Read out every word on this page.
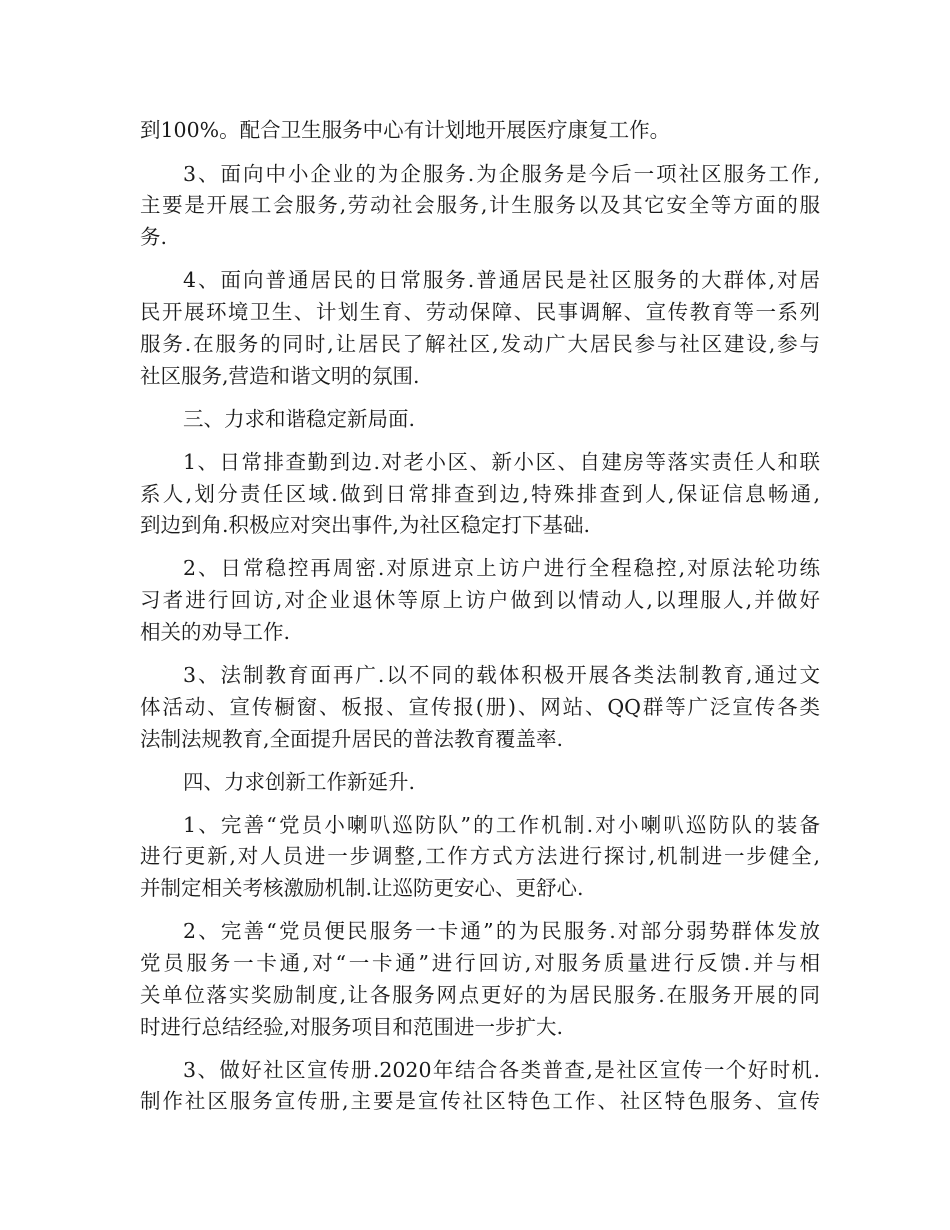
到100%。配合卫生服务中心有计划地开展医疗康复工作。
3、面向中小企业的为企服务.为企服务是今后一项社区服务工作,
主要是开展工会服务,劳动社会服务,计生服务以及其它安全等方面的服
务.
4、面向普通居民的日常服务.普通居民是社区服务的大群体,对居
民开展环境卫生、计划生育、劳动保障、民事调解、宣传教育等一系列
服务.在服务的同时,让居民了解社区,发动广大居民参与社区建设,参与
社区服务,营造和谐文明的氛围.
三、力求和谐稳定新局面.
1、日常排查勤到边.对老小区、新小区、自建房等落实责任人和联
系人,划分责任区域.做到日常排查到边,特殊排查到人,保证信息畅通,
到边到角.积极应对突出事件,为社区稳定打下基础.
2、日常稳控再周密.对原进京上访户进行全程稳控,对原法轮功练
习者进行回访,对企业退休等原上访户做到以情动人,以理服人,并做好
相关的劝导工作.
3、法制教育面再广.以不同的载体积极开展各类法制教育,通过文
体活动、宣传橱窗、板报、宣传报(册)、网站、QQ群等广泛宣传各类
法制法规教育,全面提升居民的普法教育覆盖率.
四、力求创新工作新延升.
1、完善“党员小喇叭巡防队”的工作机制.对小喇叭巡防队的装备
进行更新,对人员进一步调整,工作方式方法进行探讨,机制进一步健全,
并制定相关考核激励机制.让巡防更安心、更舒心.
2、完善“党员便民服务一卡通”的为民服务.对部分弱势群体发放
党员服务一卡通,对“一卡通”进行回访,对服务质量进行反馈.并与相
关单位落实奖励制度,让各服务网点更好的为居民服务.在服务开展的同
时进行总结经验,对服务项目和范围进一步扩大.
3、做好社区宣传册.2020年结合各类普查,是社区宣传一个好时机.
制作社区服务宣传册,主要是宣传社区特色工作、社区特色服务、宣传
